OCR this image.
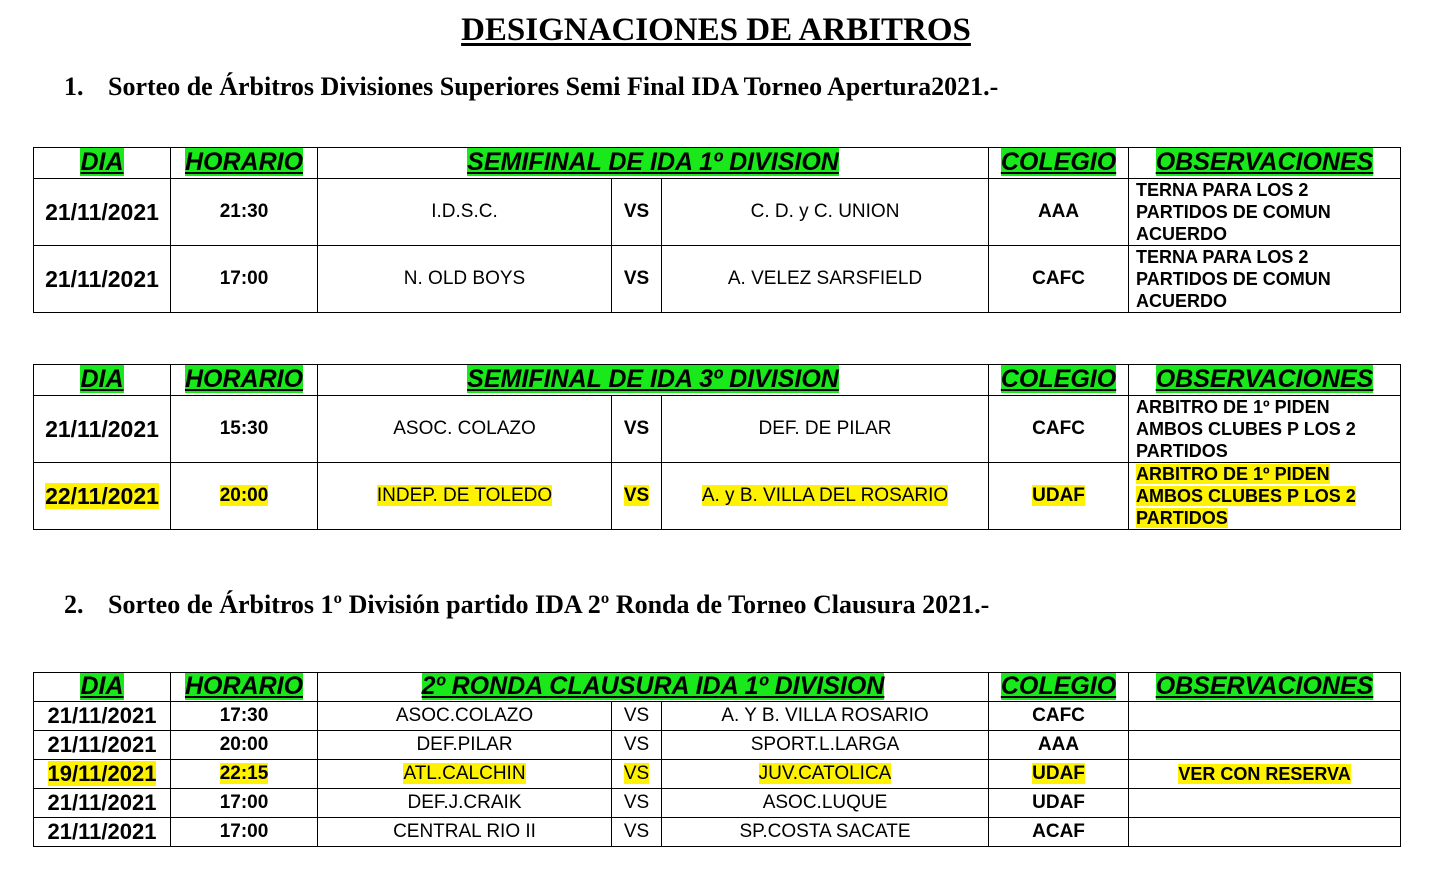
DESIGNACIONES DE ARBITROS
1. Sorteo de Árbitros Divisiones Superiores Semi Final IDA Torneo Apertura2021.-
DIA	HORARIO	SEMIFINAL DE IDA 1º DIVISION			COLEGIO	OBSERVACIONES
21/11/2021	21:30	I.D.S.C.	VS	C. D. y C. UNION	AAA	TERNA PARA LOS 2 PARTIDOS DE COMUN ACUERDO
21/11/2021	17:00	N. OLD BOYS	VS	A. VELEZ SARSFIELD	CAFC	TERNA PARA LOS 2 PARTIDOS DE COMUN ACUERDO
DIA	HORARIO	SEMIFINAL DE IDA 3º DIVISION			COLEGIO	OBSERVACIONES
21/11/2021	15:30	ASOC. COLAZO	VS	DEF. DE PILAR	CAFC	ARBITRO DE 1º PIDEN AMBOS CLUBES P LOS 2 PARTIDOS
22/11/2021	20:00	INDEP. DE TOLEDO	VS	A. y B. VILLA DEL ROSARIO	UDAF	ARBITRO DE 1º PIDEN AMBOS CLUBES P LOS 2 PARTIDOS
2. Sorteo de Árbitros 1º División partido IDA 2º Ronda de Torneo Clausura 2021.-
DIA	HORARIO	2º RONDA CLAUSURA IDA 1º DIVISION			COLEGIO	OBSERVACIONES
21/11/2021	17:30	ASOC.COLAZO	VS	A. Y B. VILLA ROSARIO	CAFC	
21/11/2021	20:00	DEF.PILAR	VS	SPORT.L.LARGA	AAA	
19/11/2021	22:15	ATL.CALCHIN	VS	JUV.CATOLICA	UDAF	VER CON RESERVA
21/11/2021	17:00	DEF.J.CRAIK	VS	ASOC.LUQUE	UDAF	
21/11/2021	17:00	CENTRAL RIO II	VS	SP.COSTA SACATE	ACAF	
